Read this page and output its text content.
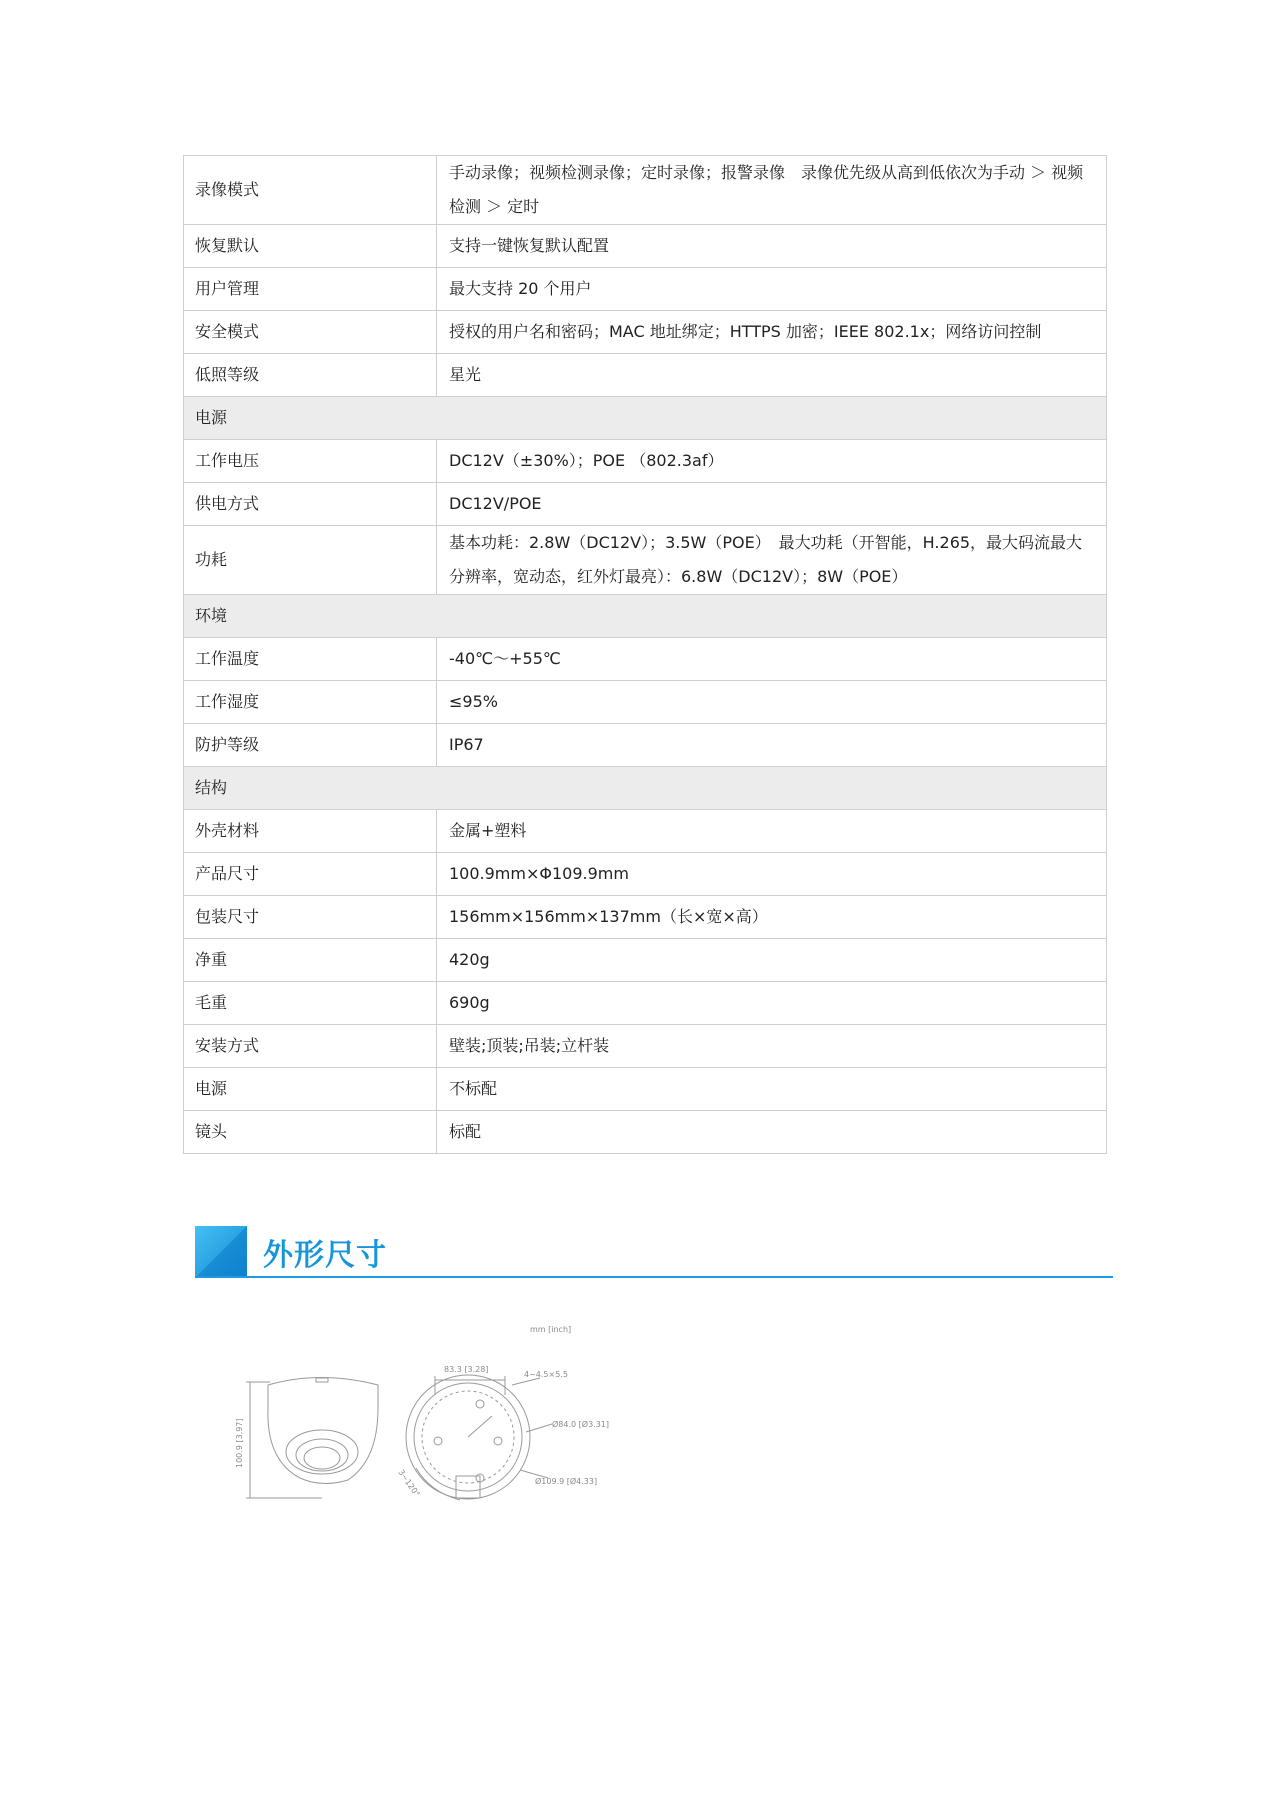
录像模式	手动录像；视频检测录像；定时录像；报警录像　录像优先级从高到低依次为手动 ＞ 视频检测 ＞ 定时
恢复默认	支持一键恢复默认配置
用户管理	最大支持 20 个用户
安全模式	授权的用户名和密码；MAC 地址绑定；HTTPS 加密；IEEE 802.1x；网络访问控制
低照等级	星光
电源	
工作电压	DC12V（±30%）；POE （802.3af）
供电方式	DC12V/POE
功耗	基本功耗：2.8W（DC12V）；3.5W（POE）　最大功耗（开智能，H.265，最大码流最大分辨率，宽动态，红外灯最亮）：6.8W（DC12V）；8W（POE）
环境	
工作温度	-40℃～+55℃
工作湿度	≤95%
防护等级	IP67
结构	
外壳材料	金属+塑料
产品尺寸	100.9mm×Φ109.9mm
包装尺寸	156mm×156mm×137mm（长×宽×高）
净重	420g
毛重	690g
安装方式	壁装;顶装;吊装;立杆装
电源	不标配
镜头	标配
外形尺寸
mm [inch]
100.9 [3.97]
83.3 [3.28]
4~4.5×5.5
Ø84.0 [Ø3.31]
Ø109.9 [Ø4.33]
3~120°
